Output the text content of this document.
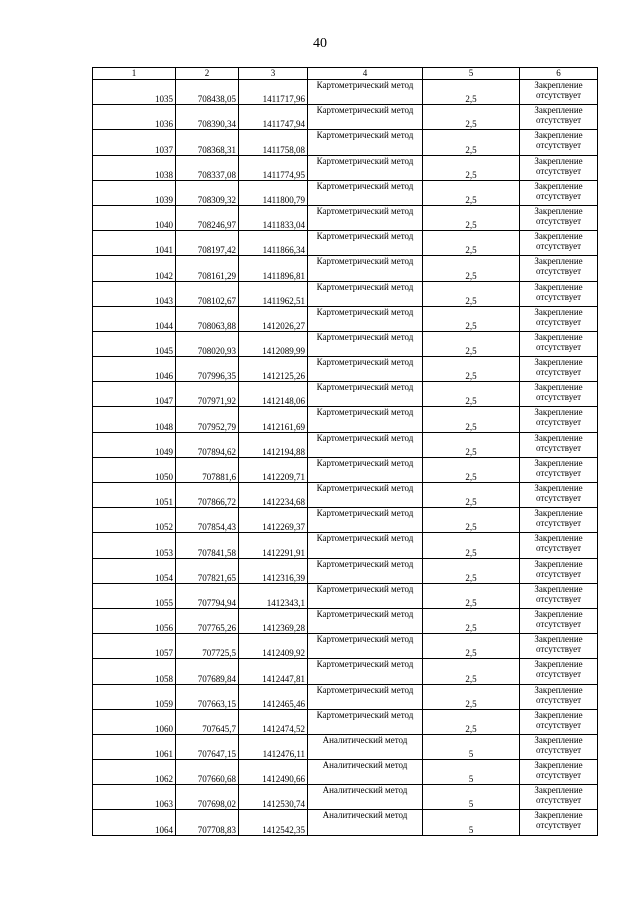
40
1	2	3	4	5	6
1035	708438,05	1411717,96	Картометрический метод	2,5	Закрепление отсутствует
1036	708390,34	1411747,94	Картометрический метод	2,5	Закрепление отсутствует
1037	708368,31	1411758,08	Картометрический метод	2,5	Закрепление отсутствует
1038	708337,08	1411774,95	Картометрический метод	2,5	Закрепление отсутствует
1039	708309,32	1411800,79	Картометрический метод	2,5	Закрепление отсутствует
1040	708246,97	1411833,04	Картометрический метод	2,5	Закрепление отсутствует
1041	708197,42	1411866,34	Картометрический метод	2,5	Закрепление отсутствует
1042	708161,29	1411896,81	Картометрический метод	2,5	Закрепление отсутствует
1043	708102,67	1411962,51	Картометрический метод	2,5	Закрепление отсутствует
1044	708063,88	1412026,27	Картометрический метод	2,5	Закрепление отсутствует
1045	708020,93	1412089,99	Картометрический метод	2,5	Закрепление отсутствует
1046	707996,35	1412125,26	Картометрический метод	2,5	Закрепление отсутствует
1047	707971,92	1412148,06	Картометрический метод	2,5	Закрепление отсутствует
1048	707952,79	1412161,69	Картометрический метод	2,5	Закрепление отсутствует
1049	707894,62	1412194,88	Картометрический метод	2,5	Закрепление отсутствует
1050	707881,6	1412209,71	Картометрический метод	2,5	Закрепление отсутствует
1051	707866,72	1412234,68	Картометрический метод	2,5	Закрепление отсутствует
1052	707854,43	1412269,37	Картометрический метод	2,5	Закрепление отсутствует
1053	707841,58	1412291,91	Картометрический метод	2,5	Закрепление отсутствует
1054	707821,65	1412316,39	Картометрический метод	2,5	Закрепление отсутствует
1055	707794,94	1412343,1	Картометрический метод	2,5	Закрепление отсутствует
1056	707765,26	1412369,28	Картометрический метод	2,5	Закрепление отсутствует
1057	707725,5	1412409,92	Картометрический метод	2,5	Закрепление отсутствует
1058	707689,84	1412447,81	Картометрический метод	2,5	Закрепление отсутствует
1059	707663,15	1412465,46	Картометрический метод	2,5	Закрепление отсутствует
1060	707645,7	1412474,52	Картометрический метод	2,5	Закрепление отсутствует
1061	707647,15	1412476,11	Аналитический метод	5	Закрепление отсутствует
1062	707660,68	1412490,66	Аналитический метод	5	Закрепление отсутствует
1063	707698,02	1412530,74	Аналитический метод	5	Закрепление отсутствует
1064	707708,83	1412542,35	Аналитический метод	5	Закрепление отсутствует
